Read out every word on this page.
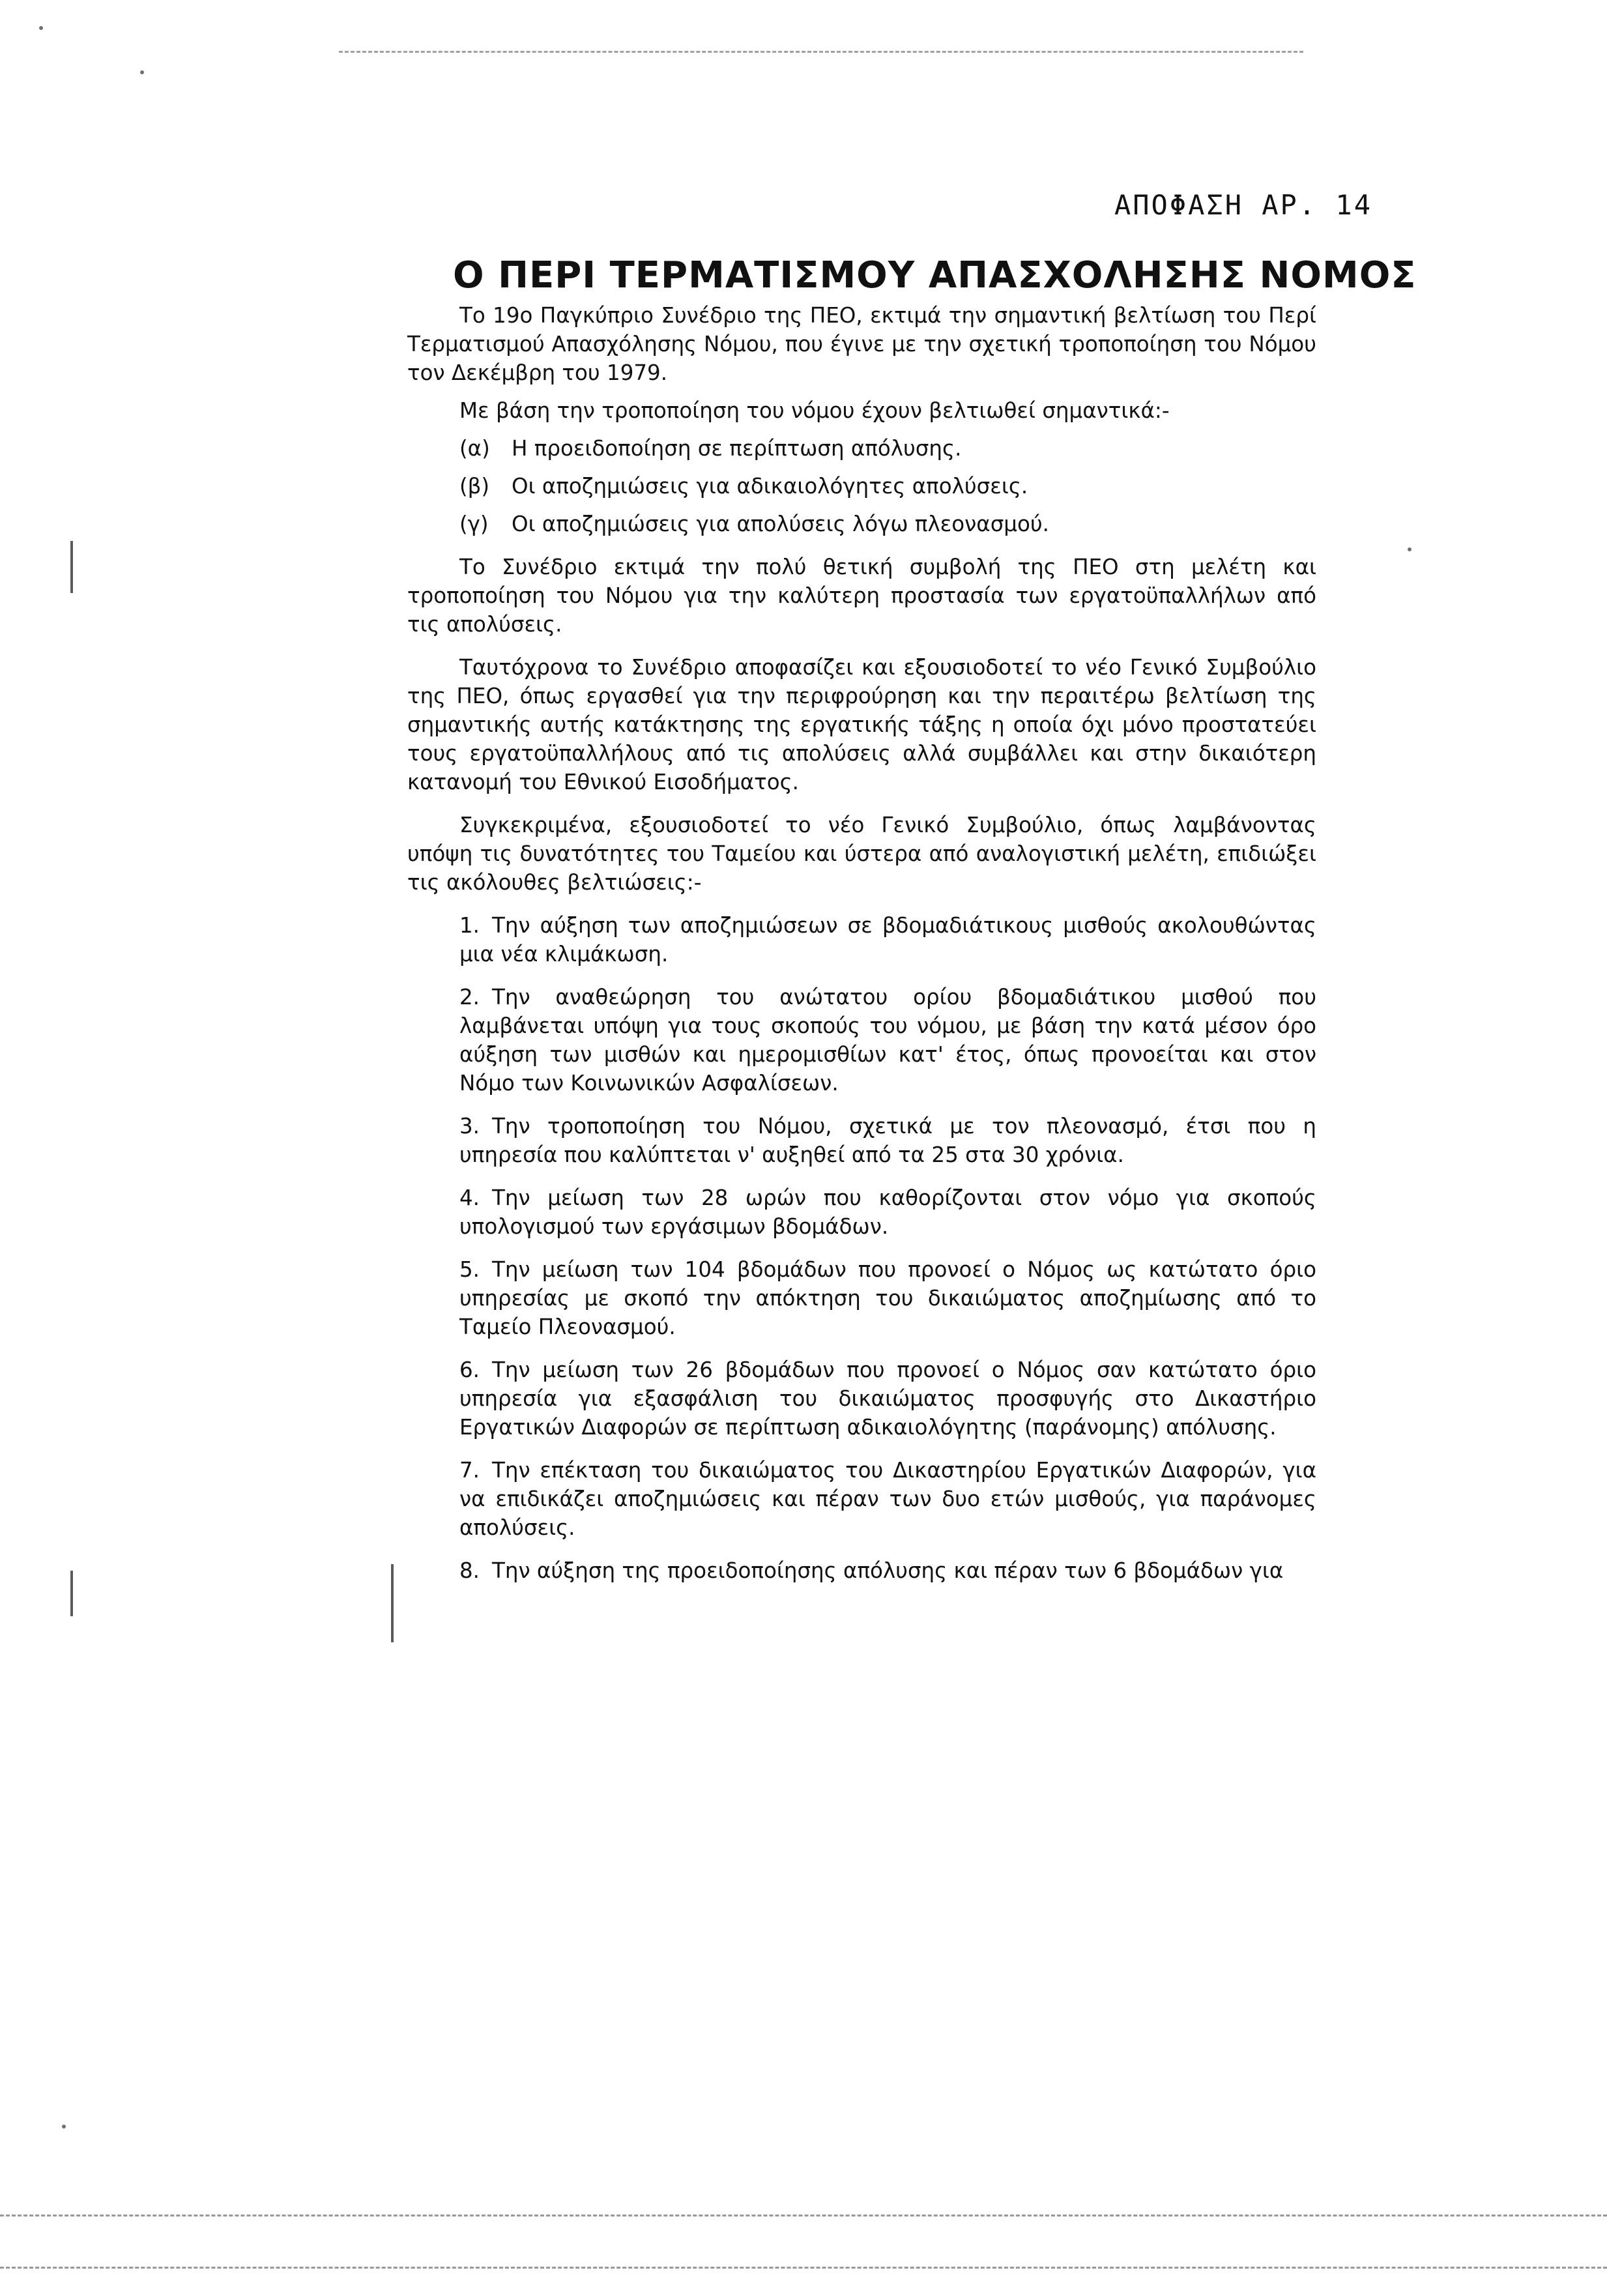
ΑΠΟΦΑΣΗ ΑΡ. 14
Ο ΠΕΡΙ ΤΕΡΜΑΤΙΣΜΟΥ ΑΠΑΣΧΟΛΗΣΗΣ ΝΟΜΟΣ

Το 19ο Παγκύπριο Συνέδριο της ΠΕΟ, εκτιμά την σημαντική βελτίωση του Περί Τερματισμού Απασχόλησης Νόμου, που έγινε με την σχετική τροποποίηση του Νόμου τον Δεκέμβρη του 1979.

Με βάση την τροποποίηση του νόμου έχουν βελτιωθεί σημαντικά:-

(α)	Η προειδοποίηση σε περίπτωση απόλυσης.
(β)	Οι αποζημιώσεις για αδικαιολόγητες απολύσεις.
(γ)	Οι αποζημιώσεις για απολύσεις λόγω πλεονασμού.

Το Συνέδριο εκτιμά την πολύ θετική συμβολή της ΠΕΟ στη μελέτη και τροποποίηση του Νόμου για την καλύτερη προστασία των εργατοϋπαλλήλων από τις απολύσεις.

Ταυτόχρονα το Συνέδριο αποφασίζει και εξουσιοδοτεί το νέο Γενικό Συμβούλιο της ΠΕΟ, όπως εργασθεί για την περιφρούρηση και την περαιτέρω βελτίωση της σημαντικής αυτής κατάκτησης της εργατικής τάξης η οποία όχι μόνο προστατεύει τους εργατοϋπαλλήλους από τις απολύσεις αλλά συμβάλλει και στην δικαιότερη κατανομή του Εθνικού Εισοδήματος.

Συγκεκριμένα, εξουσιοδοτεί το νέο Γενικό Συμβούλιο, όπως λαμβάνοντας υπόψη τις δυνατότητες του Ταμείου και ύστερα από αναλογιστική μελέτη, επιδιώξει τις ακόλουθες βελτιώσεις:-

1. Την αύξηση των αποζημιώσεων σε βδομαδιάτικους μισθούς ακολουθώντας μια νέα κλιμάκωση.
2. Την αναθεώρηση του ανώτατου ορίου βδομαδιάτικου μισθού που λαμβάνεται υπόψη για τους σκοπούς του νόμου, με βάση την κατά μέσον όρο αύξηση των μισθών και ημερομισθίων κατ' έτος, όπως προνοείται και στον Νόμο των Κοινωνικών Ασφαλίσεων.
3. Την τροποποίηση του Νόμου, σχετικά με τον πλεονασμό, έτσι που η υπηρεσία που καλύπτεται ν' αυξηθεί από τα 25 στα 30 χρόνια.
4. Την μείωση των 28 ωρών που καθορίζονται στον νόμο για σκοπούς υπολογισμού των εργάσιμων βδομάδων.
5. Την μείωση των 104 βδομάδων που προνοεί ο Νόμος ως κατώτατο όριο υπηρεσίας με σκοπό την απόκτηση του δικαιώματος αποζημίωσης από το Ταμείο Πλεονασμού.
6. Την μείωση των 26 βδομάδων που προνοεί ο Νόμος σαν κατώτατο όριο υπηρεσία για εξασφάλιση του δικαιώματος προσφυγής στο Δικαστήριο Εργατικών Διαφορών σε περίπτωση αδικαιολόγητης (παράνομης) απόλυσης.
7. Την επέκταση του δικαιώματος του Δικαστηρίου Εργατικών Διαφορών, για να επιδικάζει αποζημιώσεις και πέραν των δυο ετών μισθούς, για παράνομες απολύσεις.
8. Την αύξηση της προειδοποίησης απόλυσης και πέραν των 6 βδομάδων για
